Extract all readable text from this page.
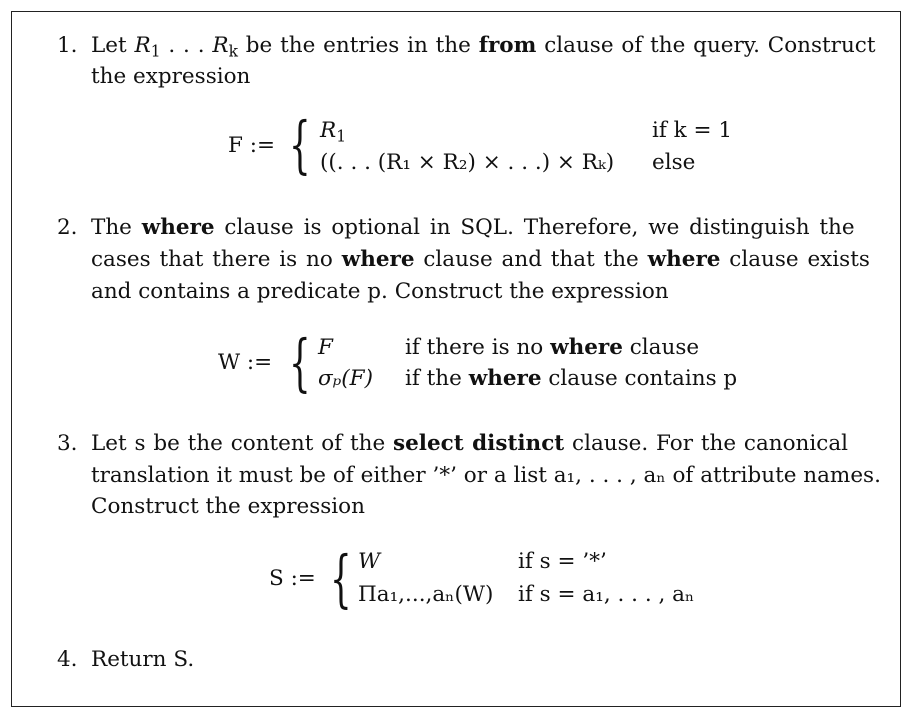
1. Let $R_1$ . . . $R_k$ be the entries in the from clause of the query. Construct
the expression
F := { $R_1$	if k = 1
((. . . (R₁ × R₂) × . . .) × Rₖ) else
2. The where clause is optional in SQL. Therefore, we distinguish the
cases that there is no where clause and that the where clause exists
and contains a predicate p. Construct the expression
W := { F	if there is no where clause
σₚ(F) if the where clause contains p
3. Let s be the content of the select distinct clause. For the canonical
translation it must be of either ’*’ or a list a₁, . . . , aₙ of attribute names.
Construct the expression
S := { W	if s = ’*’
Πa₁,...,aₙ(W) if s = a₁, . . . , aₙ
4. Return S.
